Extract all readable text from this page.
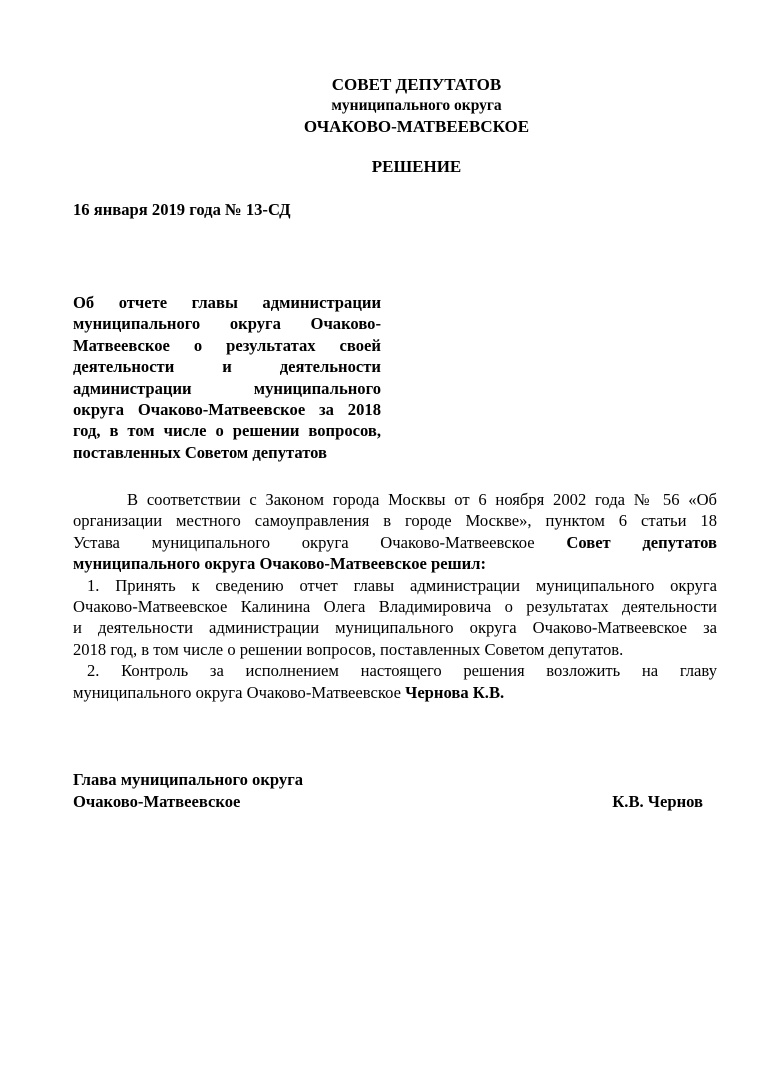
СОВЕТ ДЕПУТАТОВ
муниципального округа
ОЧАКОВО-МАТВЕЕВСКОЕ
РЕШЕНИЕ
16 января 2019 года № 13-СД
Об отчете главы администрации
муниципального округа Очаково-
Матвеевское о результатах своей
деятельности и деятельности
администрации муниципального
округа Очаково-Матвеевское за 2018
год, в том числе о решении вопросов,
поставленных Советом депутатов
В соответствии с Законом города Москвы от 6 ноября 2002 года № 56 «Об
организации местного самоуправления в городе Москве», пунктом 6 статьи 18
Устава муниципального округа Очаково-Матвеевское Совет депутатов
муниципального округа Очаково-Матвеевское решил:
1. Принять к сведению отчет главы администрации муниципального округа
Очаково-Матвеевское Калинина Олега Владимировича о результатах деятельности
и деятельности администрации муниципального округа Очаково-Матвеевское за
2018 год, в том числе о решении вопросов, поставленных Советом депутатов.
2. Контроль за исполнением настоящего решения возложить на главу
муниципального округа Очаково-Матвеевское Чернова К.В.
Глава муниципального округа
Очаково-Матвеевское	К.В. Чернов
